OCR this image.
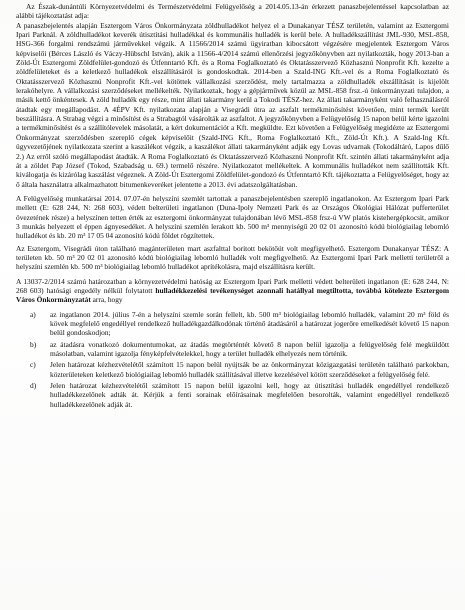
Az Észak-dunántúli Környezetvédelmi és Természetvédelmi Felügyelőség a 2014.05.13-án érkezett panaszbejelentéssel kapcsolatban az alábbi tájékoztatást adja:

A panaszbejelentés alapján Esztergom Város Önkormányzata zöldhulladékot helyez el a Dunakanyar TÉSZ területén, valamint az Esztergomi Ipari Parknál. A zöldhulladékot keverék útisztítási hulladékkal és kommunális hulladék is kerül bele. A hulladékszállítást JML-930, MSL-858, HSG-366 forgalmi rendszámú járművekkel végzik. A 11566/2014 számú ügyiratban kibocsátott végzésére megjelentek Esztergom Város képviselői (Bérces László és Váczy-Hübschl István), akik a 11566-4/2014 számú ellenőrzési jegyzőkönyvben azt nyilatkozták, hogy 2013-ban a Zöld-Út Esztergomi Zöldfelület-gondozó és Útfenntartó Kft. és a Roma Foglalkoztató és Oktatásszervező Közhasznú Nonprofit Kft. kezelte a zöldfelületeket és a keletkező hulladékok elszállításáról is gondoskodtak. 2014-ben a Szald-ING Kft.-vel és a Roma Foglalkoztató és Oktatásszervező Közhasznú Nonprofit Kft.-vel kötöttek vállalkozási szerződést, mely tartalmazza a zöldhulladék elszállítását is kijelölt lerakóhelyre. A vállalkozási szerződéseket mellékelték. Nyilatkoztak, hogy a gépjárművek közül az MSL-858 frsz.-ú önkormányzati tulajdon, a másik kettő önkéntesek. A zöld hulladék egy része, mint állati takarmány kerül a Tokodi TÉSZ-hez. Az állati takarmányként való felhasználásról átadtak egy megállapodást. A 4ÉPV Kft. nyilatkozata alapján a Visegrádi útra az aszfalt termékminősítést követően, mint termék került beszállításra. A Strabag végzi a minősítést és a Strabagtól vásárolták az aszfaltot. A jegyzőkönyvben a Felügyelőség 15 napon belül kérte igazolni a termékminősítést és a szállítólevelek másolatát, a kért dokumentációt a Kft. megküldte. Ezt követően a Felügyelőség megidézte az Esztergomi Önkormányzat szerződésben szereplő cégek képviselőit (Szald-ING Kft., Roma Foglalkoztató Kft., Zöld-Út Kft.). A Szald-Ing Kft. ügyvezetőjének nyilatkozata szerint a kaszálékot végzik, a kaszálékot állati takarmányként adják egy Lovas udvarnak (Tokodáltáró, Lapos dűlő 2.) Az erről szóló megállapodást átadták. A Roma Foglalkoztató és Oktatásszervező Közhasznú Nonprofit Kft. szintén állati takarmányként adja át a zöldet Pap József (Tokod, Szabadság u. 69.) termelő részére. Nyilatkozatot mellékeltek. A kommunális hulladékot nem szállították Kft. kiválogatja és kizárólag kaszálást végeznek. A Zöld-Út Esztergomi Zöldfelület-gondozó és Útfenntartó Kft. tájékoztatta a Felügyelőséget, hogy az ő általa használatra alkalmazhatott bitumenkeveréket jelentette a 2013. évi adatszolgáltatásban.

A Felügyelőség munkatársai 2014. 07.07-én helyszíni szemlét tartottak a panaszbejelentésben szereplő ingatlanokon. Az Esztergom Ipari Park mellett (E: 628 244, N: 268 603), védett belterületi ingatlanon (Duna-Ipoly Nemzeti Park és az Országos Ökológiai Hálózat pufferterület övezetének része) a helyszínen tetten érték az esztergomi önkormányzat tulajdonában lévő MSL-858 frsz-ú VW platós kistehergépkocsit, amikor 3 munkás helyezett el éppen ágnyesedéket. A helyszíni szemlén lerakott kb. 500 m³ mennyiségű 20 02 01 azonosító kódú biológiailag lebomló hulladékot és kb. 20 m³ 17 05 04 azonosító kódú földet rögzítettek.

Az Esztergom, Visegrádi úton található magánterületen mart aszfalttal borított bekötőút volt megfigyelhető. Esztergom Dunakanyar TÉSZ: A területen kb. 50 m³ 20 02 01 azonosító kódú biológiailag lebomló hulladék volt megfigyelhető. Az Esztergomi Ipari Park melletti területről a helyszíni szemlén kb. 500 m³ biológiailag lebomló hulladékot aprítékolásra, majd elszállításra került.

A 13037-2/2014 számú határozatban a környezetvédelmi hatóság az Esztergom Ipari Park melletti védett belterületi ingatlanon (E: 628 244, N: 268 603) hatósági engedély nélkül folytatott hulladékkezelési tevékenységet azonnali hatállyal megtiltotta, továbbá kötelezte Esztergom Város Önkormányzatát arra, hogy

a) az ingatlanon 2014. július 7-én a helyszíni szemle során fellelt, kb. 500 m³ biológiailag lebomló hulladék, valamint 20 m³ föld és kövek megfelelő engedéllyel rendelkező hulladékgazdálkodónak történő átadásáról a határozat jogerőre emelkedését követő 15 napon belül gondoskodjon;
b) az átadásra vonatkozó dokumentumokat, az átadás megtörténtét követő 8 napon belül igazolja a felügyelőség felé megküldött másolatban, valamint igazolja fényképfelvételekkel, hogy a terület hulladék elhelyezés nem történik.
c) Jelen határozat kézhezvételétől számított 15 napon belül nyújtsák be az önkormányzat közigazgatási területén található parkokban, közterületeken keletkező biológiailag lebomló hulladék szállításával illetve kezelésével kötött szerződéseket a felügyelőség felé.
d) Jelen határozat kézhezvételétől számított 15 napon belül igazolni kell, hogy az útisztítási hulladék engedéllyel rendelkező hulladékkezelőnek adták át. Kérjük a fenti sorainak előírásainak megfelelően besorolták, valamint engedéllyel rendelkező hulladékkezelőnek adják át.
